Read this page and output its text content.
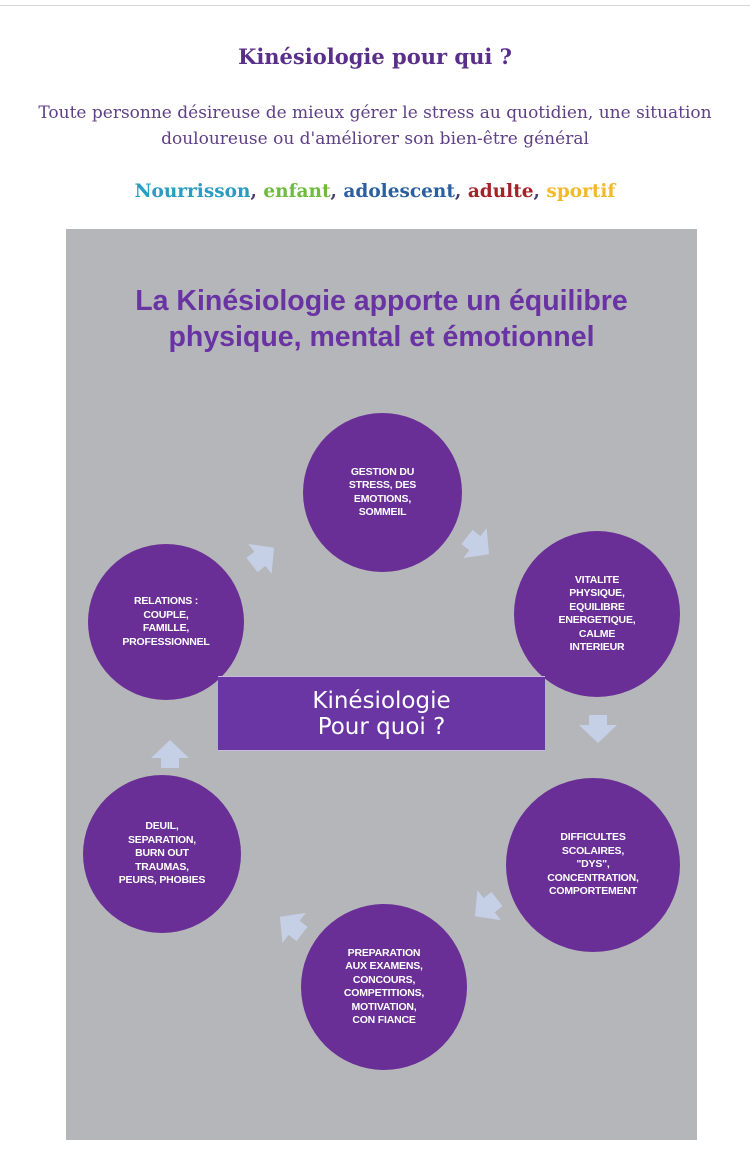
Kinésiologie pour qui ?
Toute personne désireuse de mieux gérer le stress au quotidien, une situation
douloureuse ou d'améliorer son bien-être général
Nourrisson, enfant, adolescent, adulte, sportif
La Kinésiologie apporte un équilibre
physique, mental et émotionnel
GESTION DU
STRESS, DES
EMOTIONS,
SOMMEIL
VITALITE
PHYSIQUE,
EQUILIBRE
ENERGETIQUE,
CALME
INTERIEUR
DIFFICULTES
SCOLAIRES,
"DYS",
CONCENTRATION,
COMPORTEMENT
PREPARATION
AUX EXAMENS,
CONCOURS,
COMPETITIONS,
MOTIVATION,
CON FIANCE
DEUIL,
SEPARATION,
BURN OUT
TRAUMAS,
PEURS, PHOBIES
RELATIONS :
COUPLE,
FAMILLE,
PROFESSIONNEL
Kinésiologie
Pour quoi ?
